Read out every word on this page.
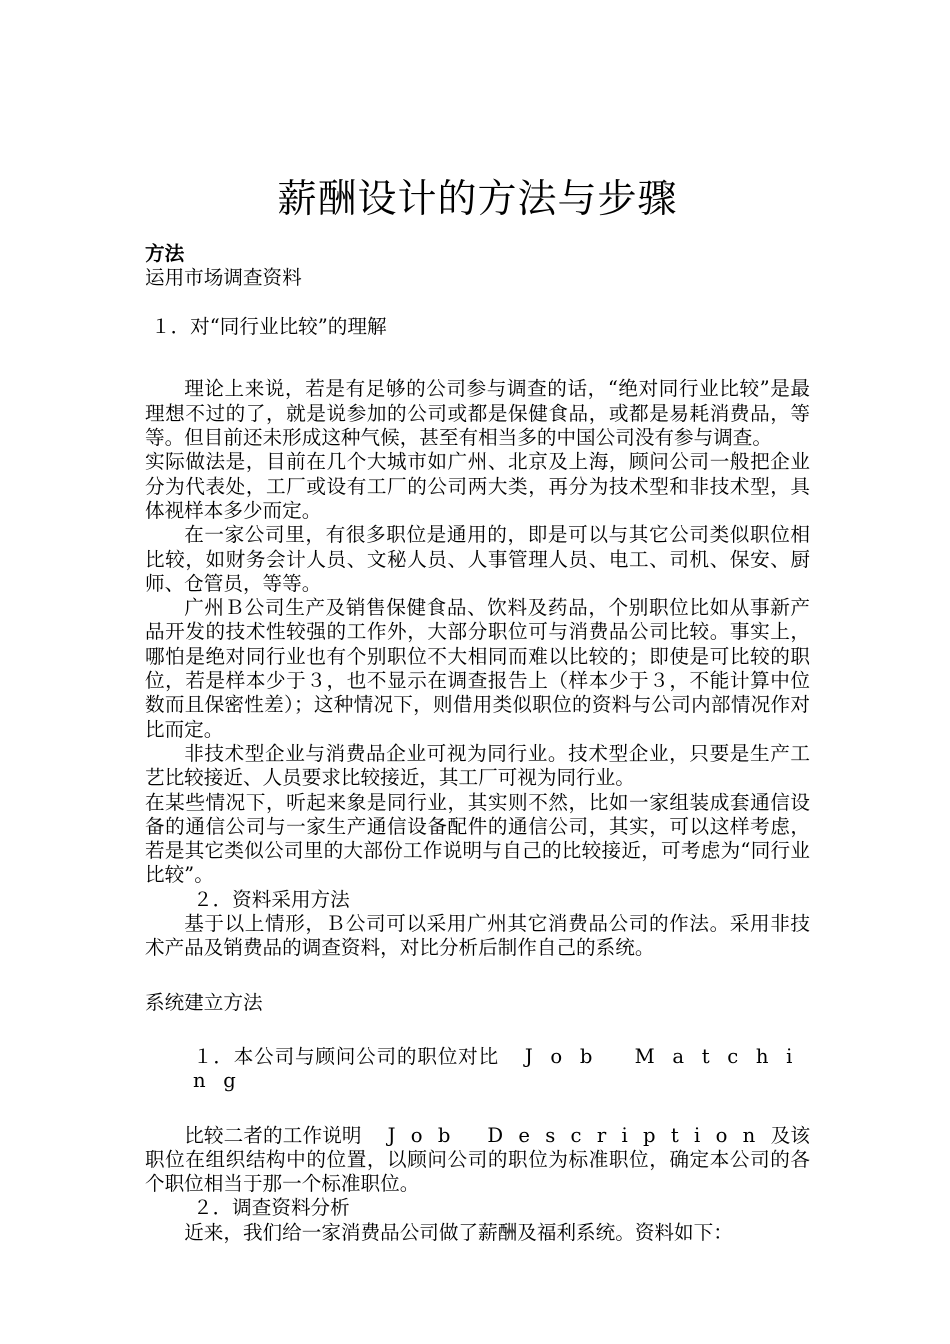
薪酬设计的方法与步骤

方法

运用市场调查资料

１．对“同行业比较”的理解

理论上来说，若是有足够的公司参与调查的话，“绝对同行业比较”是最理想不过的了，就是说参加的公司或都是保健食品，或都是易耗消费品，等等。但目前还未形成这种气候，甚至有相当多的中国公司没有参与调查。

实际做法是，目前在几个大城市如广州、北京及上海，顾问公司一般把企业分为代表处，工厂或设有工厂的公司两大类，再分为技术型和非技术型，具体视样本多少而定。

在一家公司里，有很多职位是通用的，即是可以与其它公司类似职位相比较，如财务会计人员、文秘人员、人事管理人员、电工、司机、保安、厨师、仓管员，等等。

广州Ｂ公司生产及销售保健食品、饮料及药品，个别职位比如从事新产品开发的技术性较强的工作外，大部分职位可与消费品公司比较。事实上，哪怕是绝对同行业也有个别职位不大相同而难以比较的；即使是可比较的职位，若是样本少于３，也不显示在调查报告上（样本少于３，不能计算中位数而且保密性差）；这种情况下，则借用类似职位的资料与公司内部情况作对比而定。

非技术型企业与消费品企业可视为同行业。技术型企业，只要是生产工艺比较接近、人员要求比较接近，其工厂可视为同行业。

在某些情况下，听起来象是同行业，其实则不然，比如一家组装成套通信设备的通信公司与一家生产通信设备配件的通信公司，其实，可以这样考虑，若是其它类似公司里的大部份工作说明与自己的比较接近，可考虑为“同行业比较”。

２．资料采用方法

基于以上情形，Ｂ公司可以采用广州其它消费品公司的作法。采用非技术产品及销费品的调查资料，对比分析后制作自己的系统。

系统建立方法

１．本公司与顾问公司的职位对比 Job Matching

比较二者的工作说明 Job Description及该职位在组织结构中的位置，以顾问公司的职位为标准职位，确定本公司的各个职位相当于那一个标准职位。

２．调查资料分析

近来，我们给一家消费品公司做了薪酬及福利系统。资料如下：
